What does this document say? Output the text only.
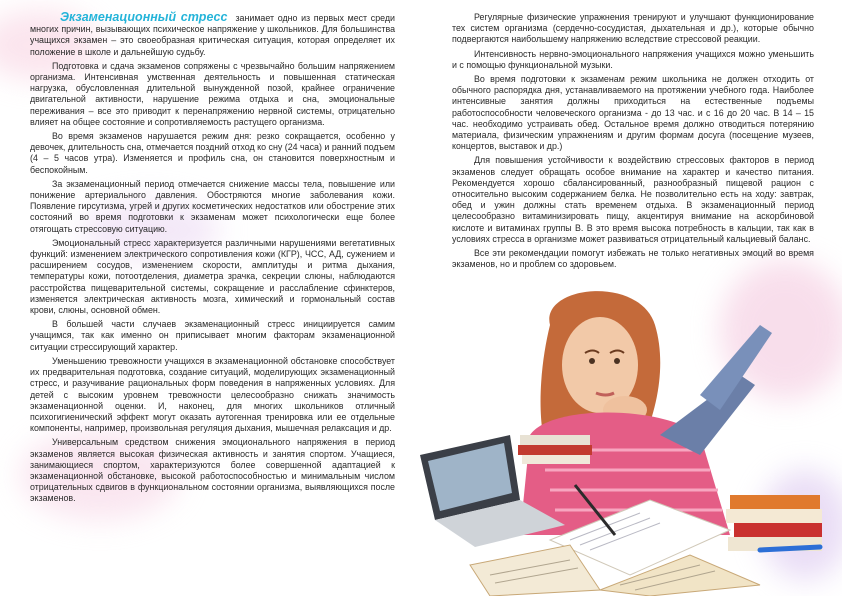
Экзаменационный стресс занимает одно из первых мест среди многих причин, вызывающих психическое напряжение у школьников. Для большинства учащихся экзамен – это своеобразная критическая ситуация, которая определяет их положение в школе и дальнейшую судьбу.

Подготовка и сдача экзаменов сопряжены с чрезвычайно большим напряжением организма. Интенсивная умственная деятельность и повышенная статическая нагрузка, обусловленная длительной вынужденной позой, крайнее ограничение двигательной активности, нарушение режима отдыха и сна, эмоциональные переживания – все это приводит к перенапряжению нервной системы, отрицательно влияет на общее состояние и сопротивляемость растущего организма.

Во время экзаменов нарушается режим дня: резко сокращается, особенно у девочек, длительность сна, отмечается поздний отход ко сну (24 часа) и ранний подъем (4 – 5 часов утра). Изменяется и профиль сна, он становится поверхностным и беспокойным.

За экзаменационный период отмечается снижение массы тела, повышение или понижение артериального давления. Обостряются многие заболевания кожи. Появление гирсутизма, угрей и других косметических недостатков или обострение этих состояний во время подготовки к экзаменам может психологически еще более отягощать стрессовую ситуацию.

Эмоциональный стресс характеризуется различными нарушениями вегетативных функций: изменением электрического сопротивления кожи (КГР), ЧСС, АД, сужением и расширением сосудов, изменением скорости, амплитуды и ритма дыхания, температуры кожи, потоотделения, диаметра зрачка, секреции слюны, наблюдаются расстройства пищеварительной системы, сокращение и расслабление сфинктеров, изменяется электрическая активность мозга, химический и гормональный состав крови, слюны, основной обмен.

В большей части случаев экзаменационный стресс инициируется самим учащимся, так как именно он приписывает многим факторам экзаменационной ситуации стрессирующий характер.

Уменьшению тревожности учащихся в экзаменационной обстановке способствует их предварительная подготовка, создание ситуаций, моделирующих экзаменационный стресс, и разучивание рациональных форм поведения в напряженных условиях. Для детей с высоким уровнем тревожности целесообразно снижать значимость экзаменационной оценки. И, наконец, для многих школьников отличный психогигиенический эффект могут оказать аутогенная тренировка или ее отдельные компоненты, например, произвольная регуляция дыхания, мышечная релаксация и др.

Универсальным средством снижения эмоционального напряжения в период экзаменов является высокая физическая активность и занятия спортом. Учащиеся, занимающиеся спортом, характеризуются более совершенной адаптацией к экзаменационной обстановке, высокой работоспособностью и минимальным числом отрицательных сдвигов в функциональном состоянии организма, выявляющихся после экзаменов.

Регулярные физические упражнения тренируют и улучшают функционирование тех систем организма (сердечно-сосудистая, дыхательная и др.), которые обычно подвергаются наибольшему напряжению вследствие стрессовой реакции.

Интенсивность нервно-эмоционального напряжения учащихся можно уменьшить и с помощью функциональной музыки.

Во время подготовки к экзаменам режим школьника не должен отходить от обычного распорядка дня, устанавливаемого на протяжении учебного года. Наиболее интенсивные занятия должны приходиться на естественные подъемы работоспособности человеческого организма - до 13 час. и с 16 до 20 час. В 14 – 15 час. необходимо устраивать обед. Остальное время должно отводиться потерянию материала, физическим упражнениям и другим формам досуга (посещение музеев, концертов, выставок и др.)

Для повышения устойчивости к воздействию стрессовых факторов в период экзаменов следует обращать особое внимание на характер и качество питания. Рекомендуется хорошо сбалансированный, разнообразный пищевой рацион с относительно высоким содержанием белка. Не позволительно есть на ходу: завтрак, обед и ужин должны стать временем отдыха. В экзаменационный период целесообразно витаминизировать пищу, акцентируя внимание на аскорбиновой кислоте и витаминах группы В. В это время высока потребность в кальции, так как в условиях стресса в организме может развиваться отрицательный кальциевый баланс.

Все эти рекомендации помогут избежать не только негативных эмоций во время экзаменов, но и проблем со здоровьем.
